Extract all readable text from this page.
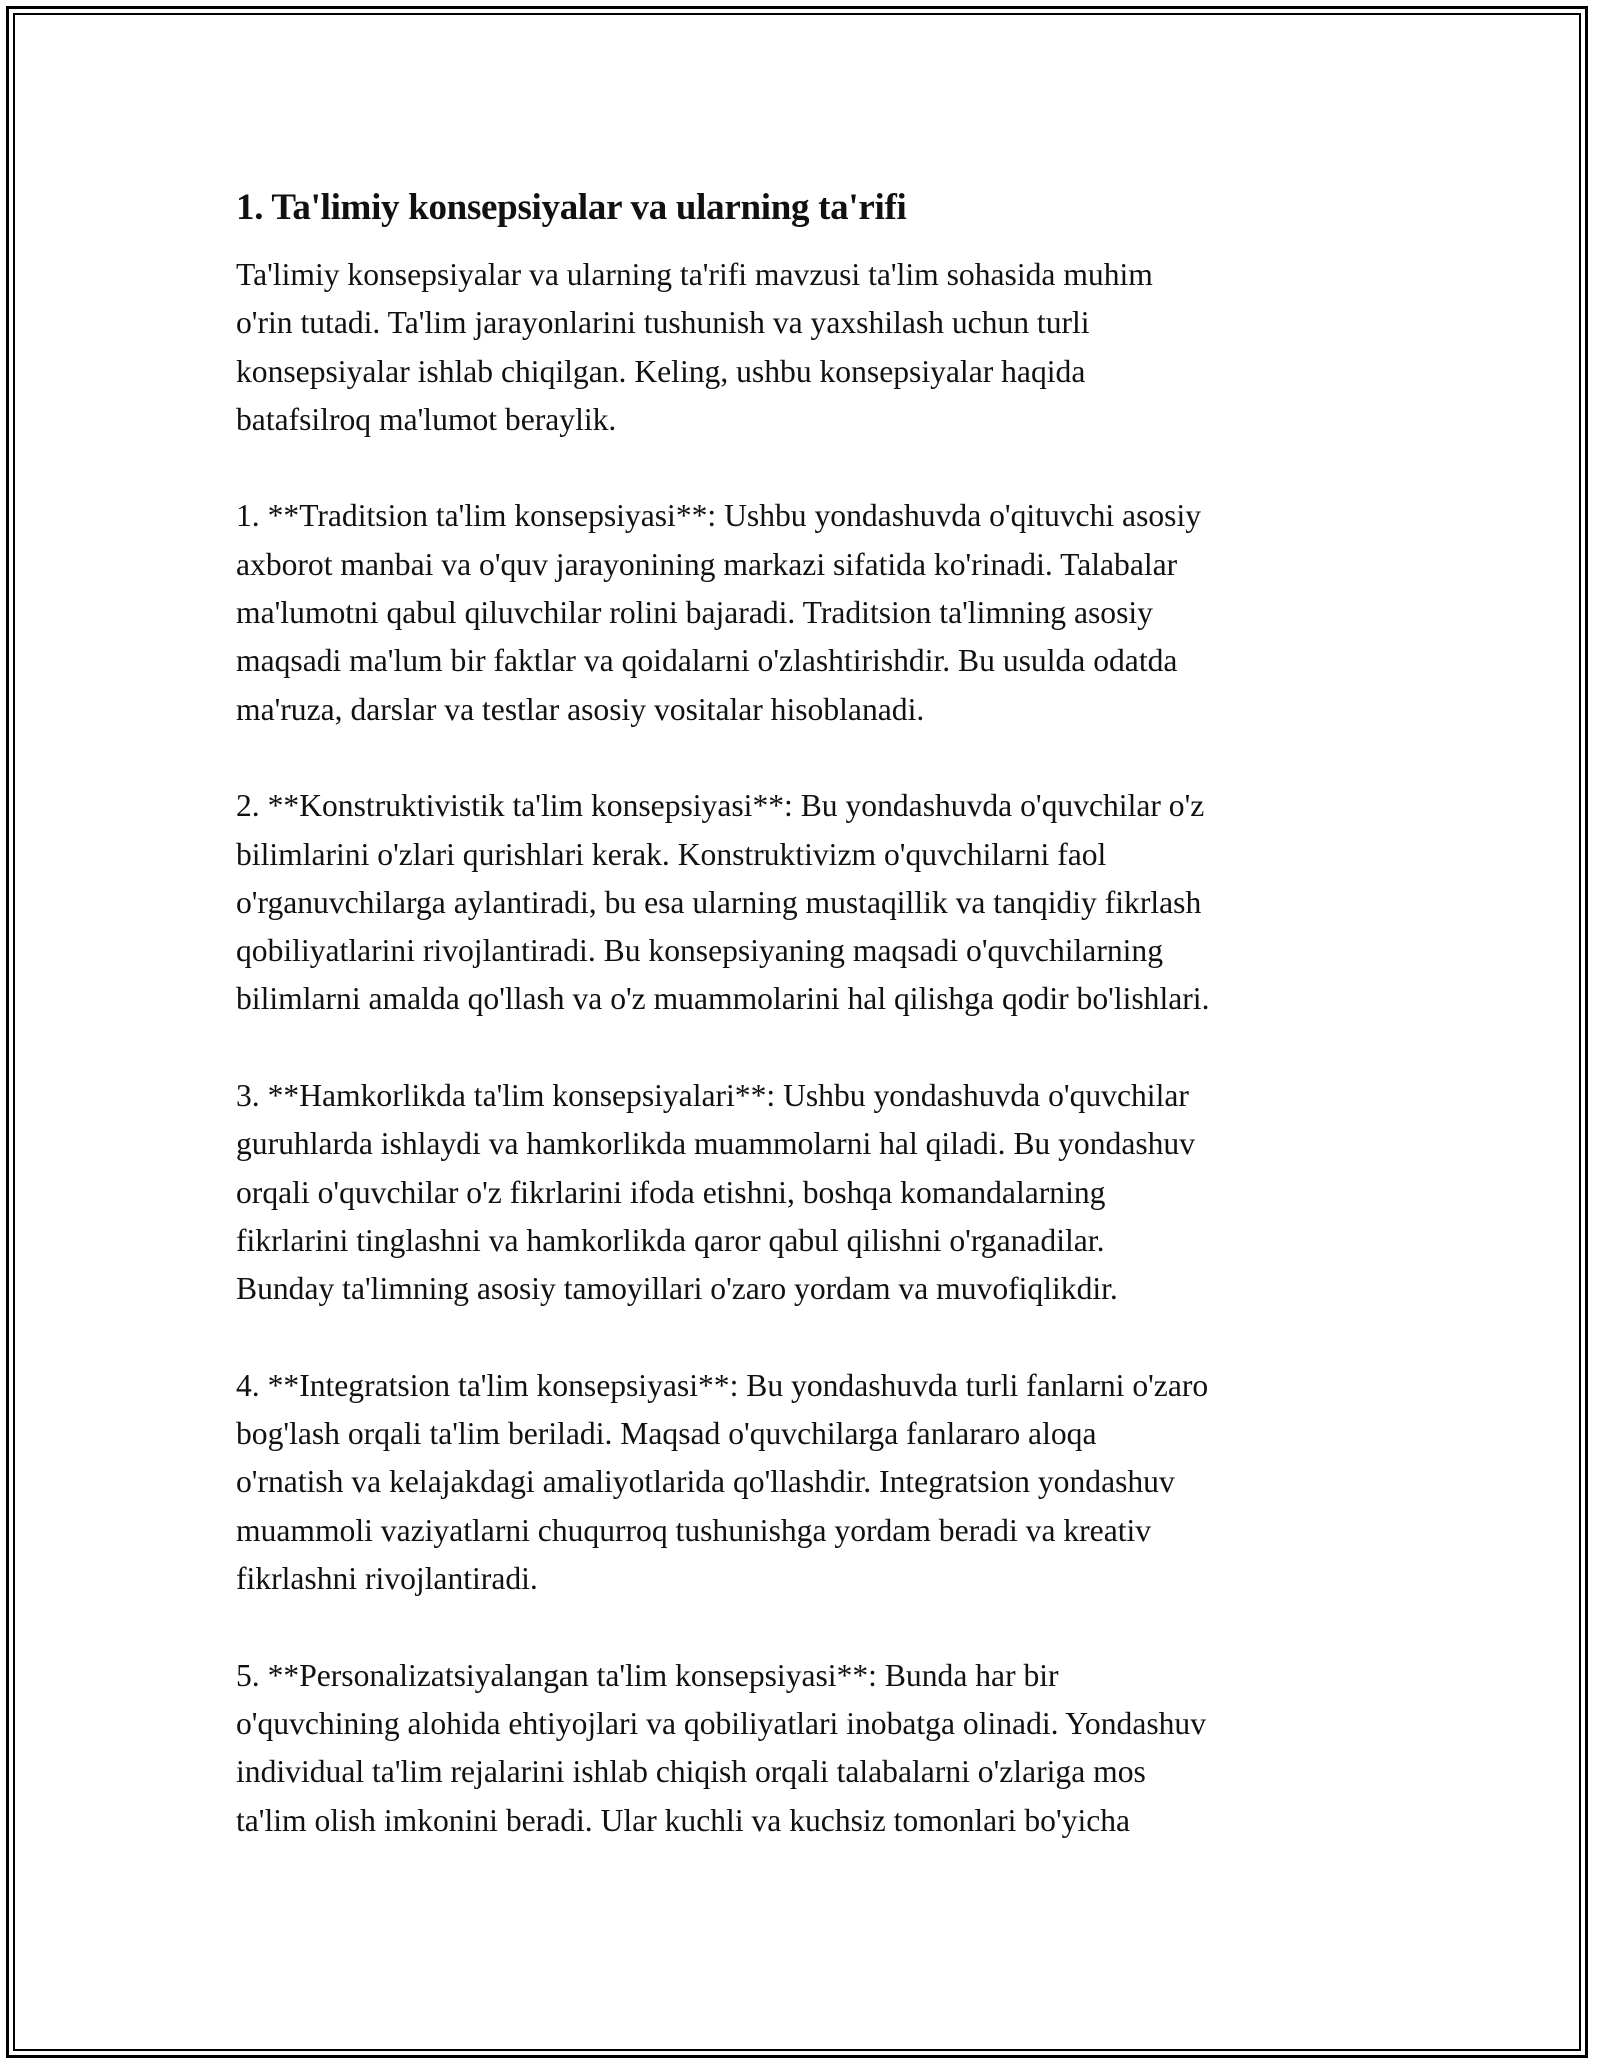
1. Ta'limiy konsepsiyalar va ularning ta'rifi
Ta'limiy konsepsiyalar va ularning ta'rifi mavzusi ta'lim sohasida muhim
o'rin tutadi. Ta'lim jarayonlarini tushunish va yaxshilash uchun turli
konsepsiyalar ishlab chiqilgan. Keling, ushbu konsepsiyalar haqida
batafsilroq ma'lumot beraylik.
1. **Traditsion ta'lim konsepsiyasi**: Ushbu yondashuvda o'qituvchi asosiy
axborot manbai va o'quv jarayonining markazi sifatida ko'rinadi. Talabalar
ma'lumotni qabul qiluvchilar rolini bajaradi. Traditsion ta'limning asosiy
maqsadi ma'lum bir faktlar va qoidalarni o'zlashtirishdir. Bu usulda odatda
ma'ruza, darslar va testlar asosiy vositalar hisoblanadi.
2. **Konstruktivistik ta'lim konsepsiyasi**: Bu yondashuvda o'quvchilar o'z
bilimlarini o'zlari qurishlari kerak. Konstruktivizm o'quvchilarni faol
o'rganuvchilarga aylantiradi, bu esa ularning mustaqillik va tanqidiy fikrlash
qobiliyatlarini rivojlantiradi. Bu konsepsiyaning maqsadi o'quvchilarning
bilimlarni amalda qo'llash va o'z muammolarini hal qilishga qodir bo'lishlari.
3. **Hamkorlikda ta'lim konsepsiyalari**: Ushbu yondashuvda o'quvchilar
guruhlarda ishlaydi va hamkorlikda muammolarni hal qiladi. Bu yondashuv
orqali o'quvchilar o'z fikrlarini ifoda etishni, boshqa komandalarning
fikrlarini tinglashni va hamkorlikda qaror qabul qilishni o'rganadilar.
Bunday ta'limning asosiy tamoyillari o'zaro yordam va muvofiqlikdir.
4. **Integratsion ta'lim konsepsiyasi**: Bu yondashuvda turli fanlarni o'zaro
bog'lash orqali ta'lim beriladi. Maqsad o'quvchilarga fanlararo aloqa
o'rnatish va kelajakdagi amaliyotlarida qo'llashdir. Integratsion yondashuv
muammoli vaziyatlarni chuqurroq tushunishga yordam beradi va kreativ
fikrlashni rivojlantiradi.
5. **Personalizatsiyalangan ta'lim konsepsiyasi**: Bunda har bir
o'quvchining alohida ehtiyojlari va qobiliyatlari inobatga olinadi. Yondashuv
individual ta'lim rejalarini ishlab chiqish orqali talabalarni o'zlariga mos
ta'lim olish imkonini beradi. Ular kuchli va kuchsiz tomonlari bo'yicha
